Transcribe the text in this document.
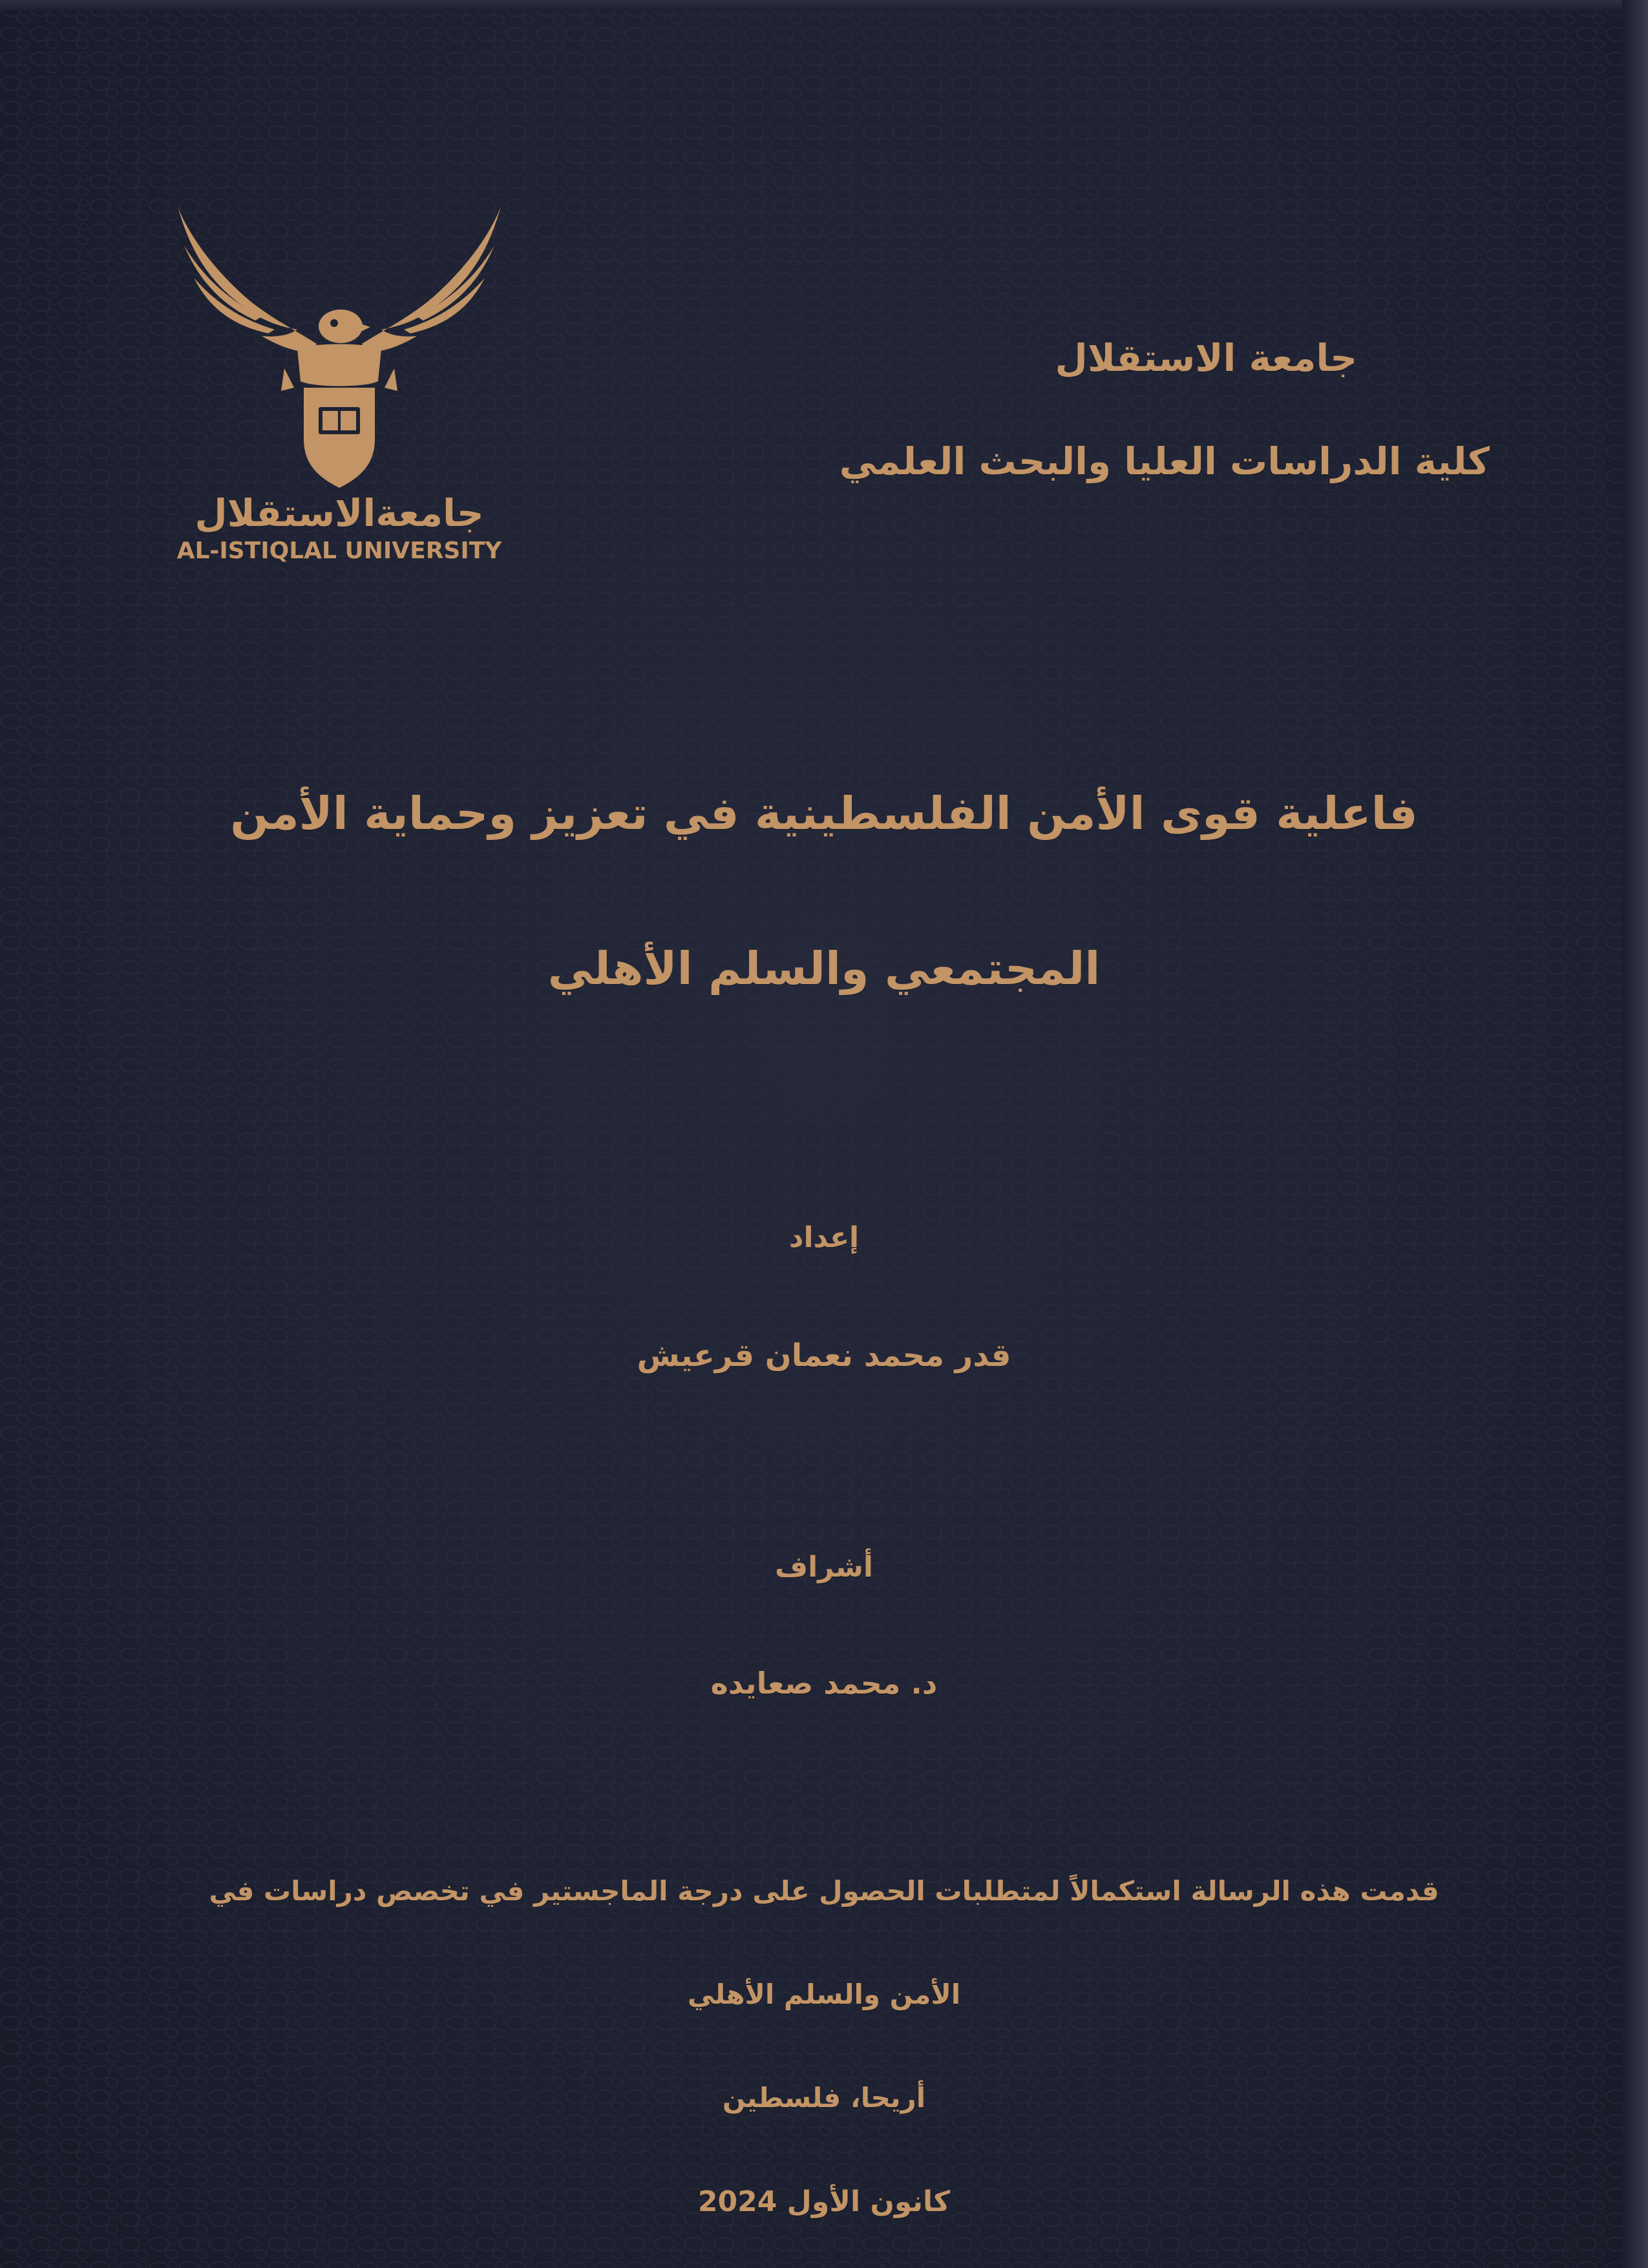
جامعةالاستقلال
AL-ISTIQLAL UNIVERSITY
جامعة الاستقلال
كلية الدراسات العليا والبحث العلمي
فاعلية قوى الأمن الفلسطينية في تعزيز وحماية الأمن
المجتمعي والسلم الأهلي
إعداد
قدر محمد نعمان قرعيش
أشراف
د. محمد صعايده
قدمت هذه الرسالة استكمالاً لمتطلبات الحصول على درجة الماجستير في تخصص دراسات في
الأمن والسلم الأهلي
أريحا، فلسطين
كانون الأول 2024
